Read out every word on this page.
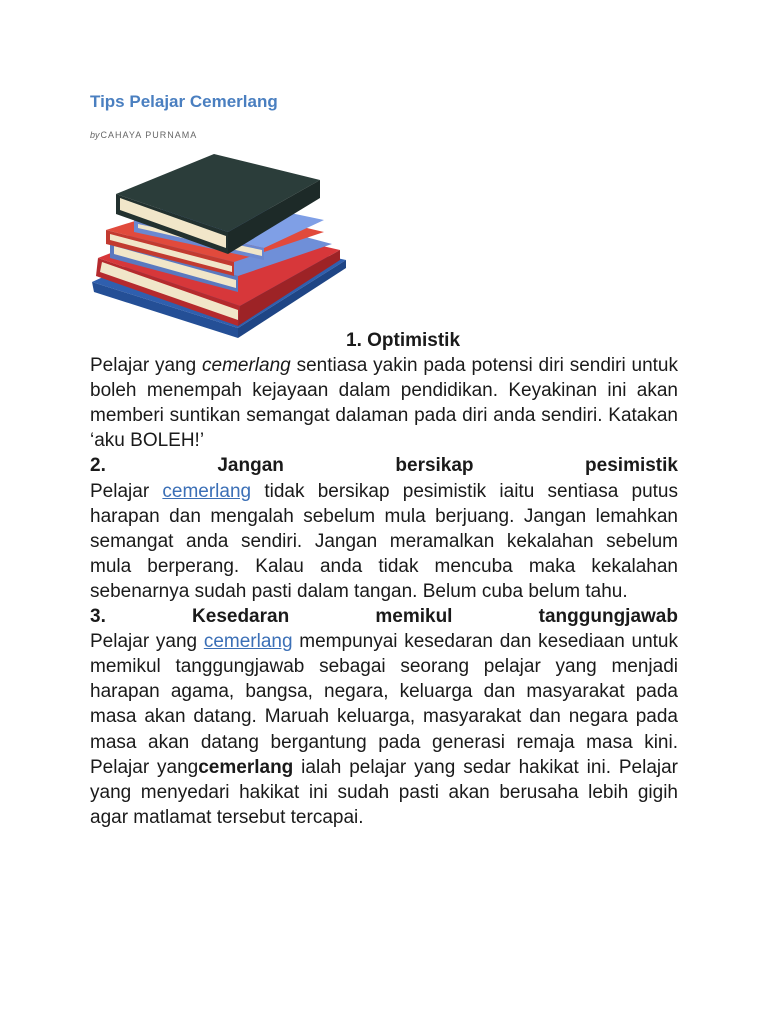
Tips Pelajar Cemerlang
byCAHAYA PURNAMA

1. Optimistik

Pelajar yang cemerlang sentiasa yakin pada potensi diri sendiri untuk boleh menempah kejayaan dalam pendidikan. Keyakinan ini akan memberi suntikan semangat dalaman pada diri anda sendiri. Katakan ‘aku BOLEH!’

2.	Jangan	bersikap	pesimistik

Pelajar cemerlang tidak bersikap pesimistik iaitu sentiasa putus harapan dan mengalah sebelum mula berjuang. Jangan lemahkan semangat anda sendiri. Jangan meramalkan kekalahan sebelum mula berperang. Kalau anda tidak mencuba maka kekalahan sebenarnya sudah pasti dalam tangan. Belum cuba belum tahu.

3.	Kesedaran	memikul	tanggungjawab

Pelajar yang cemerlang mempunyai kesedaran dan kesediaan untuk memikul tanggungjawab sebagai seorang pelajar yang menjadi harapan agama, bangsa, negara, keluarga dan masyarakat pada masa akan datang. Maruah keluarga, masyarakat dan negara pada masa akan datang bergantung pada generasi remaja masa kini. Pelajar yangcemerlang ialah pelajar yang sedar hakikat ini. Pelajar yang menyedari hakikat ini sudah pasti akan berusaha lebih gigih agar matlamat tersebut tercapai.
